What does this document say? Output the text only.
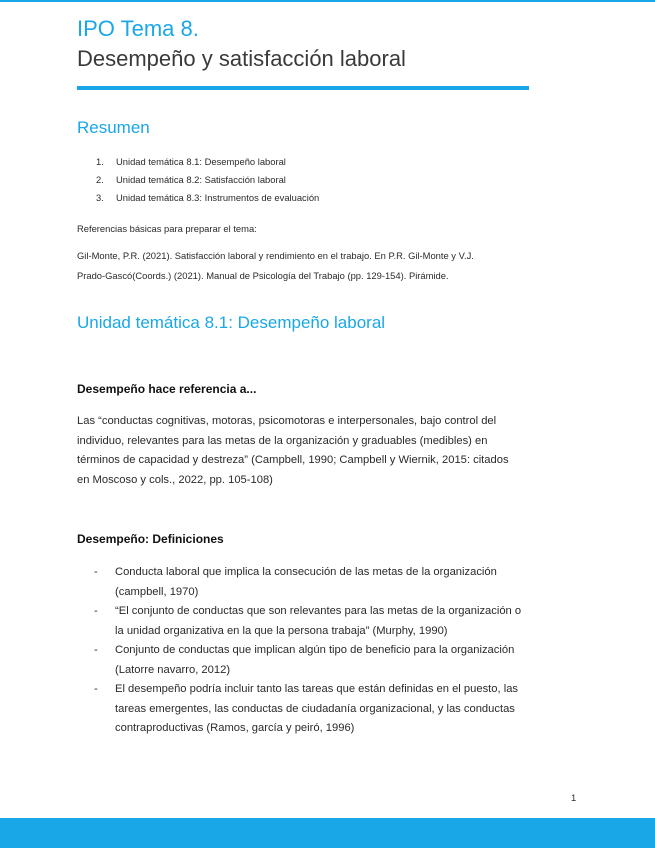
IPO Tema 8.
Desempeño y satisfacción laboral
Resumen
1.	Unidad temática 8.1: Desempeño laboral
2.	Unidad temática 8.2: Satisfacción laboral
3.	Unidad temática 8.3: Instrumentos de evaluación
Referencias básicas para preparar el tema:
Gil-Monte, P.R. (2021). Satisfacción laboral y rendimiento en el trabajo. En P.R. Gil-Monte y V.J.
Prado-Gascó(Coords.) (2021). Manual de Psicología del Trabajo (pp. 129-154). Pirámide.
Unidad temática 8.1: Desempeño laboral
Desempeño hace referencia a...
Las “conductas cognitivas, motoras, psicomotoras e interpersonales, bajo control del
individuo, relevantes para las metas de la organización y graduables (medibles) en
términos de capacidad y destreza” (Campbell, 1990; Campbell y Wiernik, 2015: citados
en Moscoso y cols., 2022, pp. 105-108)
Desempeño: Definiciones
-	Conducta laboral que implica la consecución de las metas de la organización
(campbell, 1970)
-	“El conjunto de conductas que son relevantes para las metas de la organización o
la unidad organizativa en la que la persona trabaja” (Murphy, 1990)
-	Conjunto de conductas que implican algún tipo de beneficio para la organización
(Latorre navarro, 2012)
-	El desempeño podría incluir tanto las tareas que están definidas en el puesto, las
tareas emergentes, las conductas de ciudadanía organizacional, y las conductas
contraproductivas (Ramos, garcía y peiró, 1996)
1
